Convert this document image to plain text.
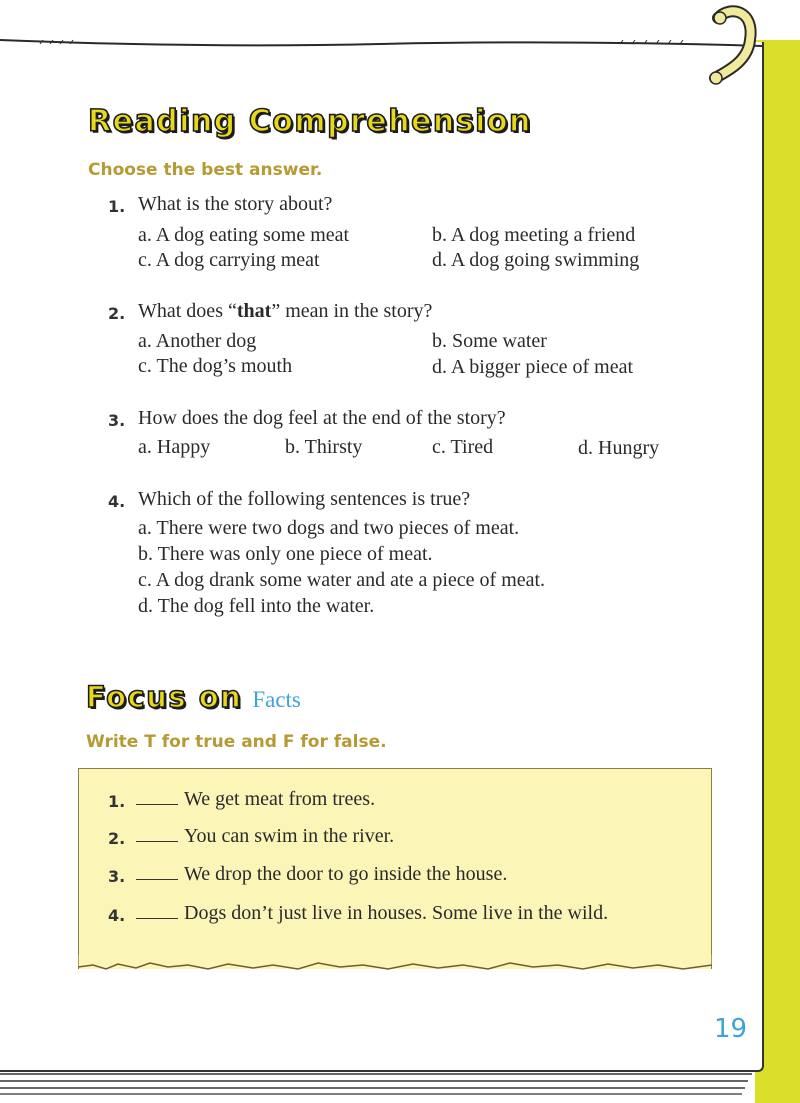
Reading Comprehension
Choose the best answer.
1. What is the story about?
a. A dog eating some meat	b. A dog meeting a friend
c. A dog carrying meat	d. A dog going swimming
2. What does “that” mean in the story?
a. Another dog	b. Some water
c. The dog’s mouth	d. A bigger piece of meat
3. How does the dog feel at the end of the story?
a. Happy	b. Thirsty	c. Tired	d. Hungry
4. Which of the following sentences is true?
a. There were two dogs and two pieces of meat.
b. There was only one piece of meat.
c. A dog drank some water and ate a piece of meat.
d. The dog fell into the water.
Focus on Facts
Write T for true and F for false.
1.	We get meat from trees.
2.	You can swim in the river.
3.	We drop the door to go inside the house.
4.	Dogs don’t just live in houses. Some live in the wild.
19
